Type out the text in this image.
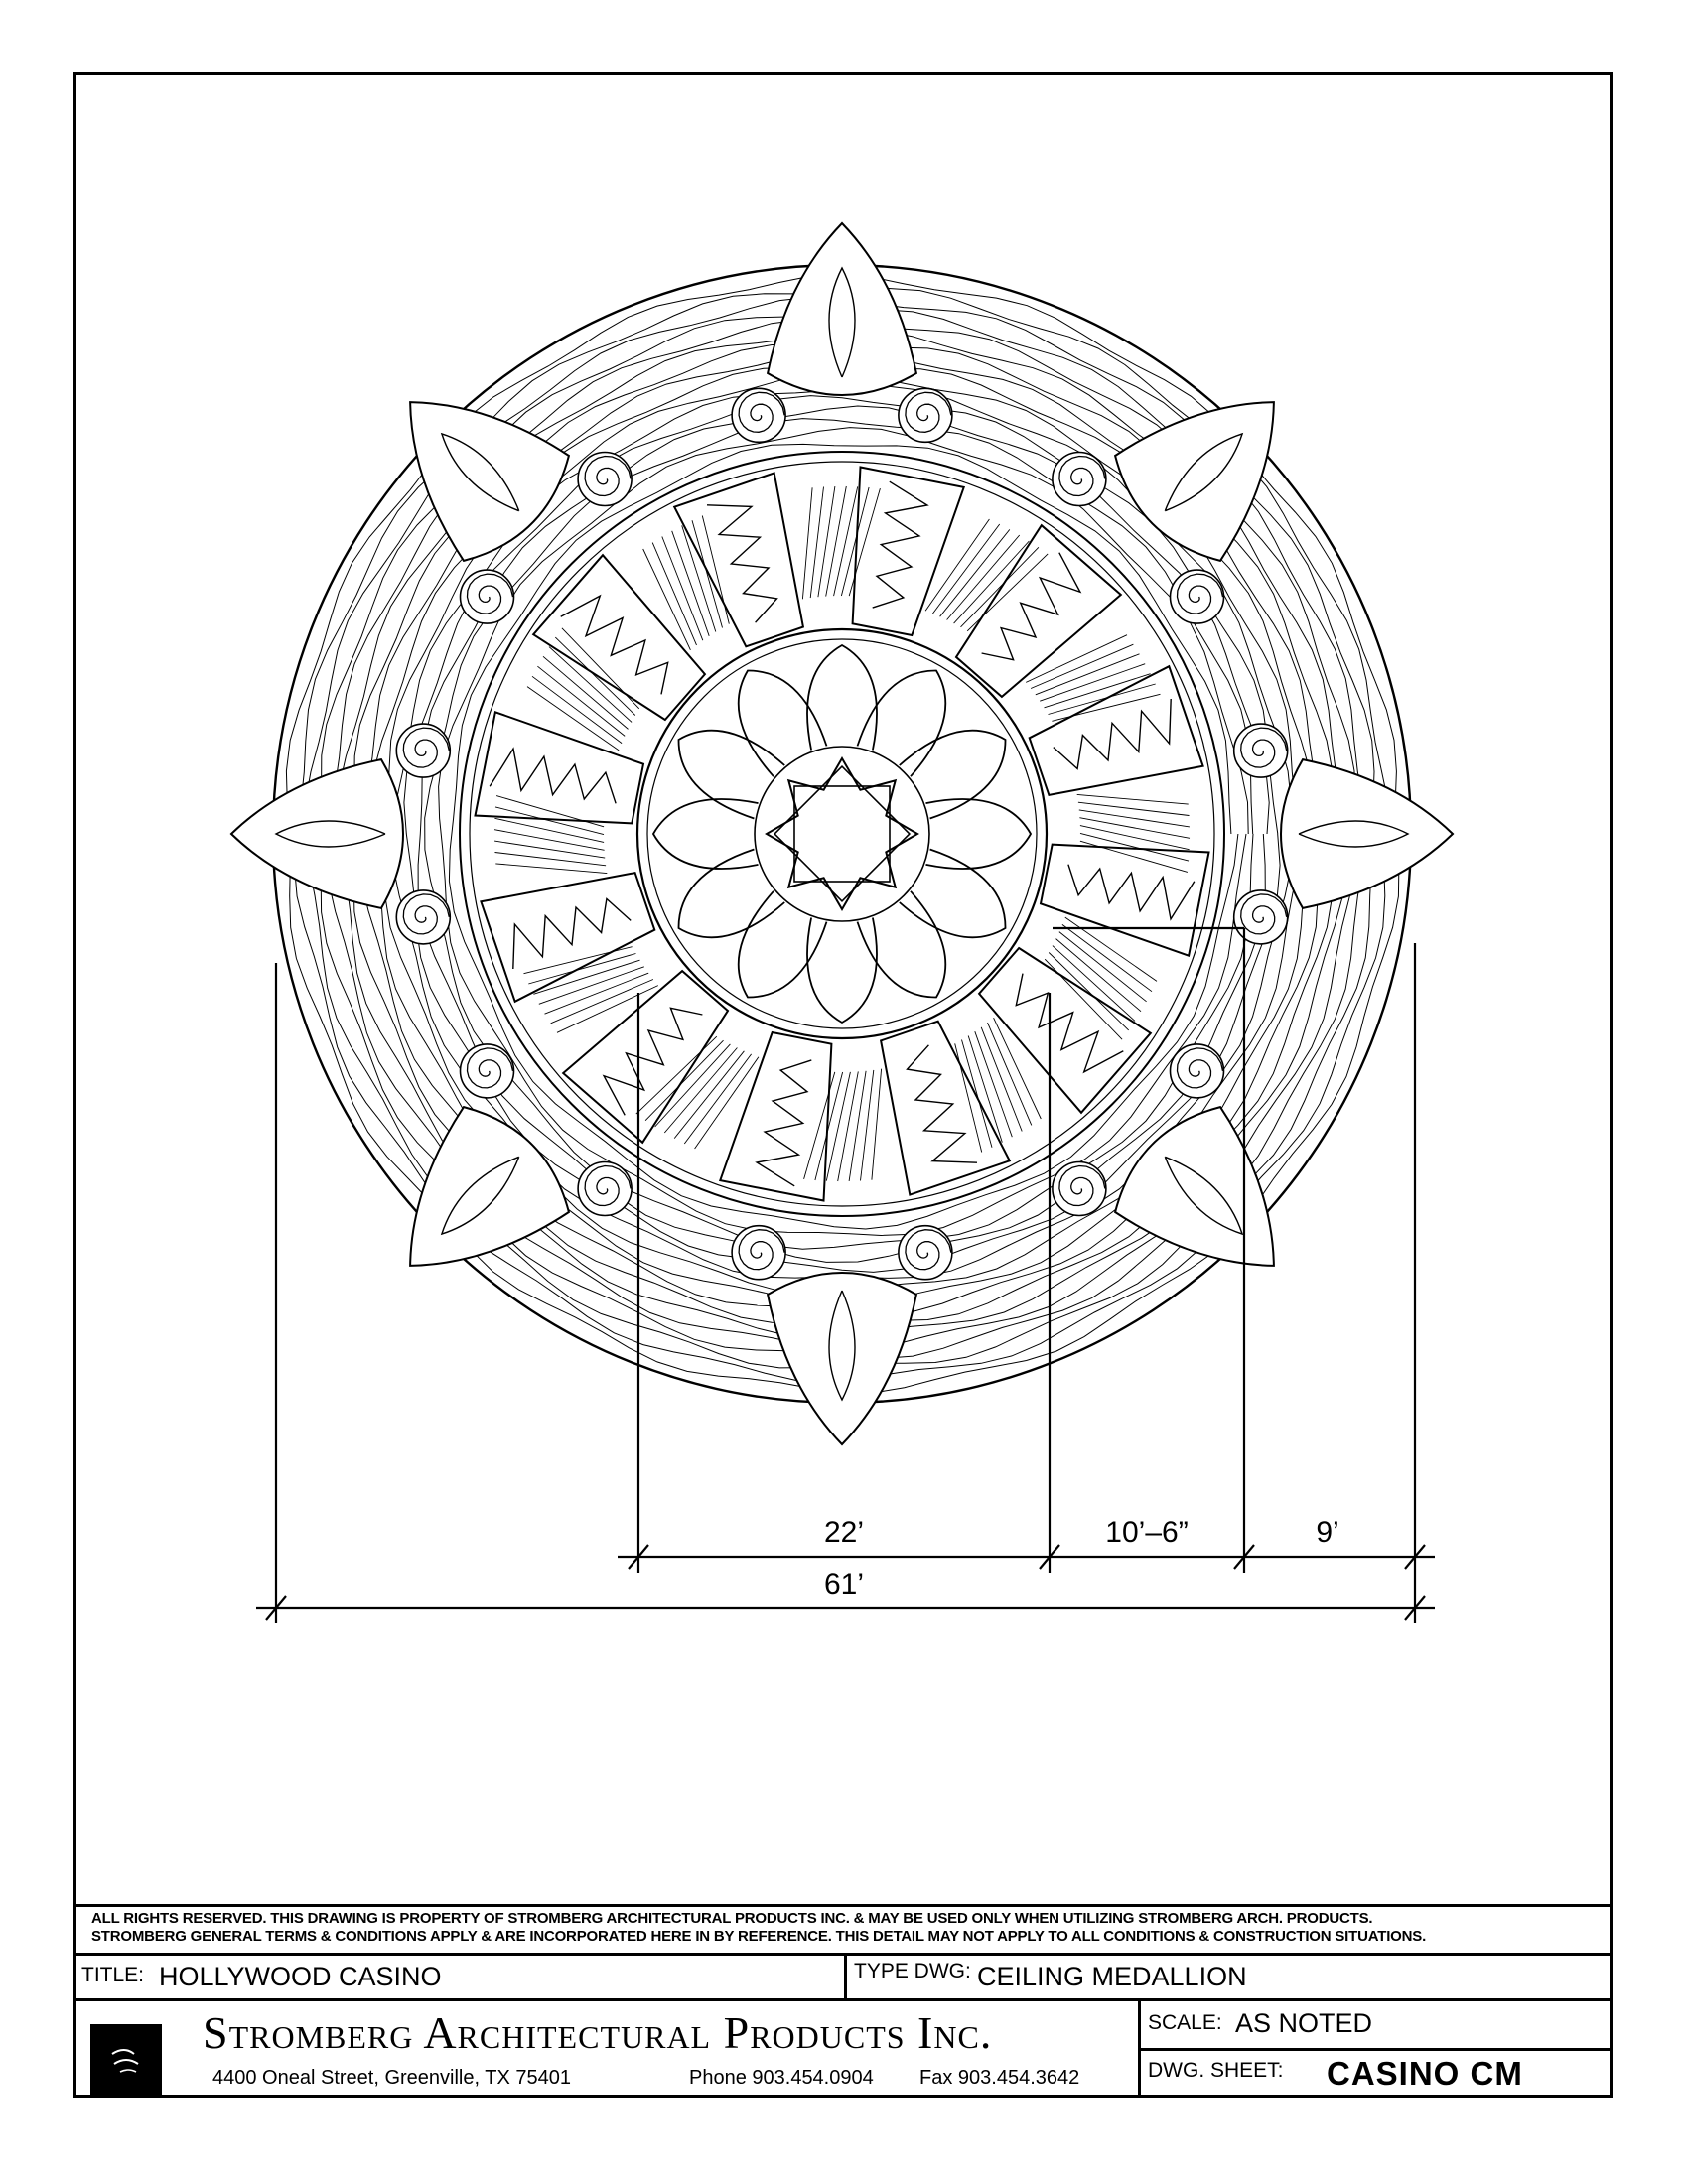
22’	10’–6”	9’
61’
ALL RIGHTS RESERVED. THIS DRAWING IS PROPERTY OF STROMBERG ARCHITECTURAL PRODUCTS INC. & MAY BE USED ONLY WHEN UTILIZING STROMBERG ARCH. PRODUCTS.
STROMBERG GENERAL TERMS & CONDITIONS APPLY & ARE INCORPORATED HERE IN BY REFERENCE. THIS DETAIL MAY NOT APPLY TO ALL CONDITIONS & CONSTRUCTION SITUATIONS.
TITLE: HOLLYWOOD CASINO	TYPE DWG: CEILING MEDALLION
Stromberg Architectural Products Inc.
4400 Oneal Street, Greenville, TX 75401	Phone 903.454.0904 Fax 903.454.3642
SCALE: AS NOTED
DWG. SHEET: CASINO CM
